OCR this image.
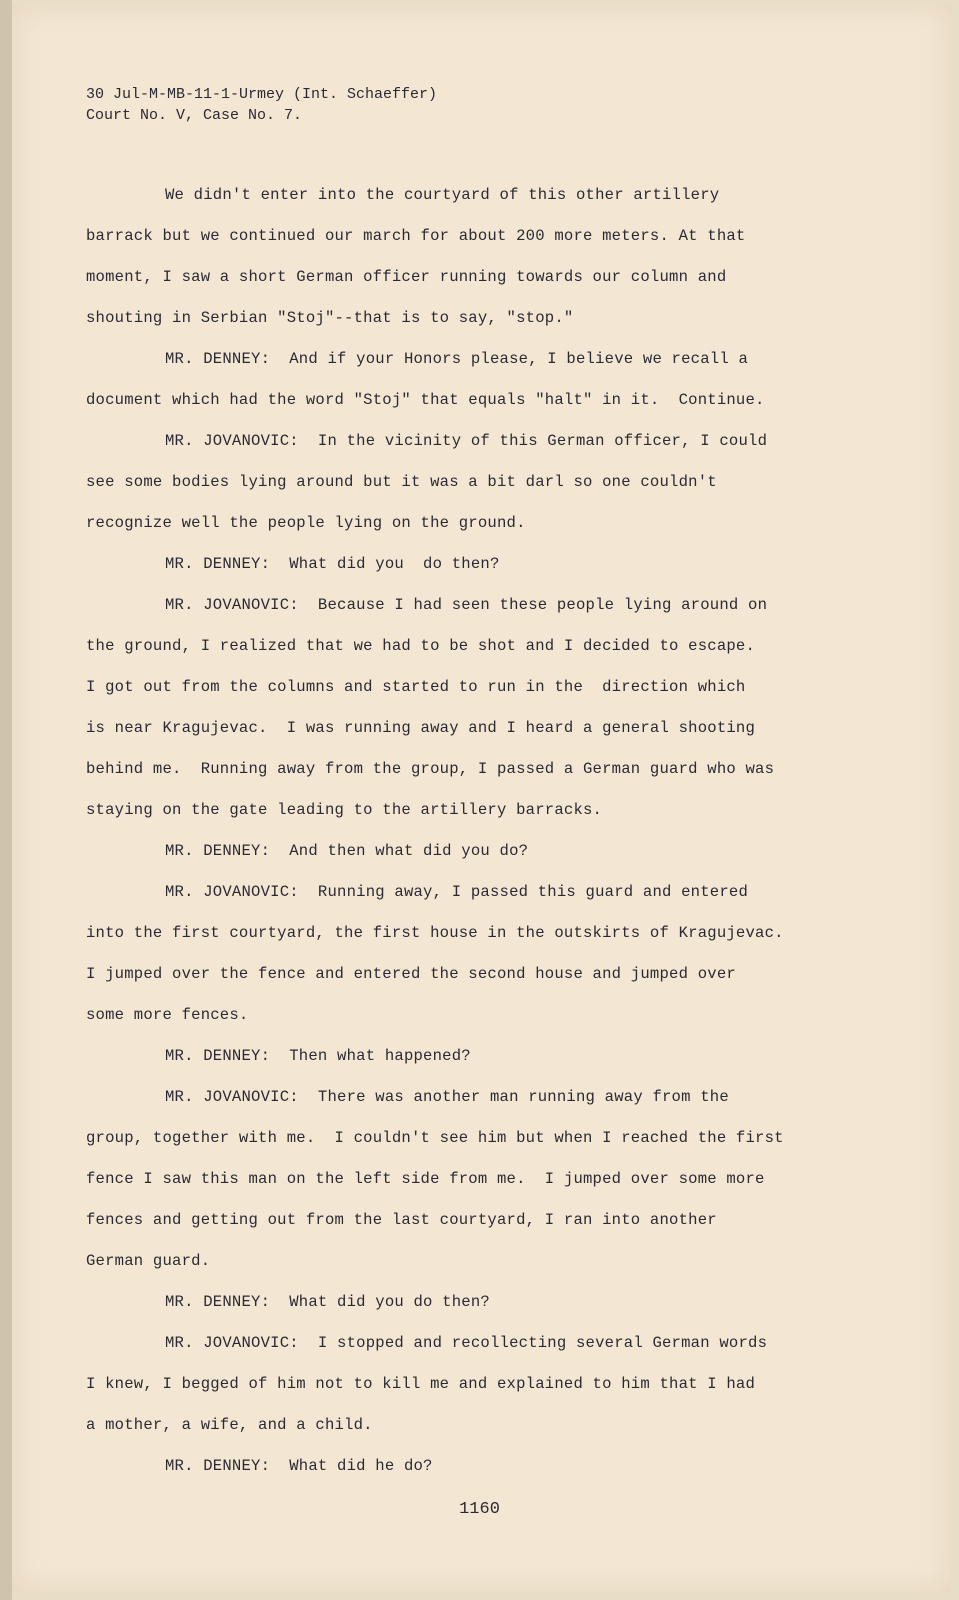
30 Jul-M-MB-11-1-Urmey (Int. Schaeffer)
Court No. V, Case No. 7.
We didn't enter into the courtyard of this other artillery
barrack but we continued our march for about 200 more meters. At that
moment, I saw a short German officer running towards our column and
shouting in Serbian "Stoj"--that is to say, "stop."
MR. DENNEY:  And if your Honors please, I believe we recall a
document which had the word "Stoj" that equals "halt" in it.  Continue.
MR. JOVANOVIC:  In the vicinity of this German officer, I could
see some bodies lying around but it was a bit darl so one couldn't
recognize well the people lying on the ground.
MR. DENNEY:  What did you  do then?
MR. JOVANOVIC:  Because I had seen these people lying around on
the ground, I realized that we had to be shot and I decided to escape.
I got out from the columns and started to run in the  direction which
is near Kragujevac.  I was running away and I heard a general shooting
behind me.  Running away from the group, I passed a German guard who was
staying on the gate leading to the artillery barracks.
MR. DENNEY:  And then what did you do?
MR. JOVANOVIC:  Running away, I passed this guard and entered
into the first courtyard, the first house in the outskirts of Kragujevac.
I jumped over the fence and entered the second house and jumped over
some more fences.
MR. DENNEY:  Then what happened?
MR. JOVANOVIC:  There was another man running away from the
group, together with me.  I couldn't see him but when I reached the first
fence I saw this man on the left side from me.  I jumped over some more
fences and getting out from the last courtyard, I ran into another
German guard.
MR. DENNEY:  What did you do then?
MR. JOVANOVIC:  I stopped and recollecting several German words
I knew, I begged of him not to kill me and explained to him that I had
a mother, a wife, and a child.
MR. DENNEY:  What did he do?
1160
